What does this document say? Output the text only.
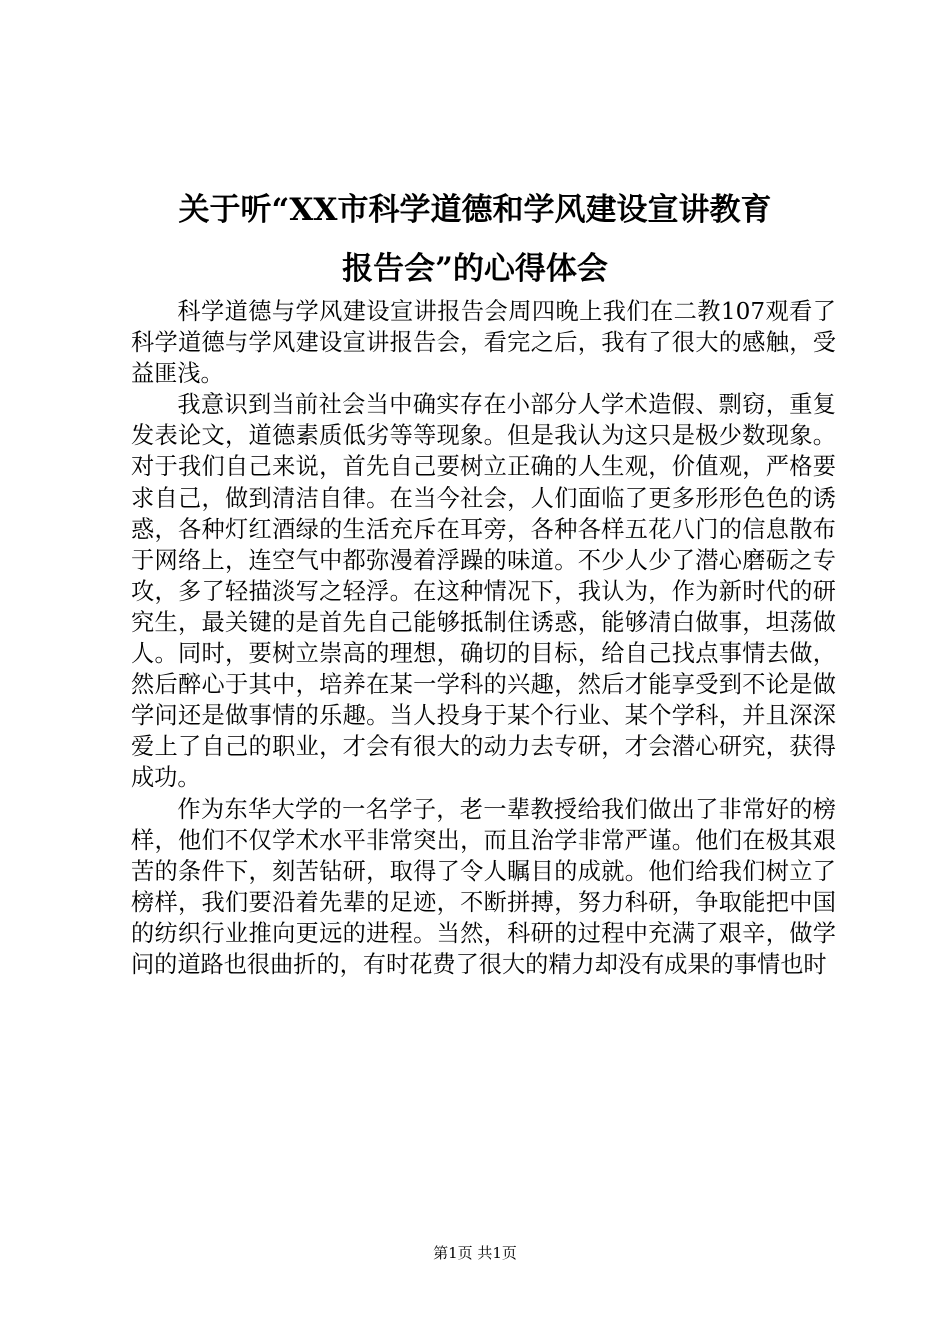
关于听“XX市科学道德和学风建设宣讲教育
报告会”的心得体会

科学道德与学风建设宣讲报告会周四晚上我们在二教107观看了科学道德与学风建设宣讲报告会，看完之后，我有了很大的感触，受益匪浅。

我意识到当前社会当中确实存在小部分人学术造假、剽窃，重复发表论文，道德素质低劣等等现象。但是我认为这只是极少数现象。对于我们自己来说，首先自己要树立正确的人生观，价值观，严格要求自己，做到清洁自律。在当今社会，人们面临了更多形形色色的诱惑，各种灯红酒绿的生活充斥在耳旁，各种各样五花八门的信息散布于网络上，连空气中都弥漫着浮躁的味道。不少人少了潜心磨砺之专攻，多了轻描淡写之轻浮。在这种情况下，我认为，作为新时代的研究生，最关键的是首先自己能够抵制住诱惑，能够清白做事，坦荡做人。同时，要树立崇高的理想，确切的目标，给自己找点事情去做，然后醉心于其中，培养在某一学科的兴趣，然后才能享受到不论是做学问还是做事情的乐趣。当人投身于某个行业、某个学科，并且深深爱上了自己的职业，才会有很大的动力去专研，才会潜心研究，获得成功。

作为东华大学的一名学子，老一辈教授给我们做出了非常好的榜样，他们不仅学术水平非常突出，而且治学非常严谨。他们在极其艰苦的条件下，刻苦钻研，取得了令人瞩目的成就。他们给我们树立了榜样，我们要沿着先辈的足迹，不断拼搏，努力科研，争取能把中国的纺织行业推向更远的进程。当然，科研的过程中充满了艰辛，做学问的道路也很曲折的，有时花费了很大的精力却没有成果的事情也时

第1页 共1页
